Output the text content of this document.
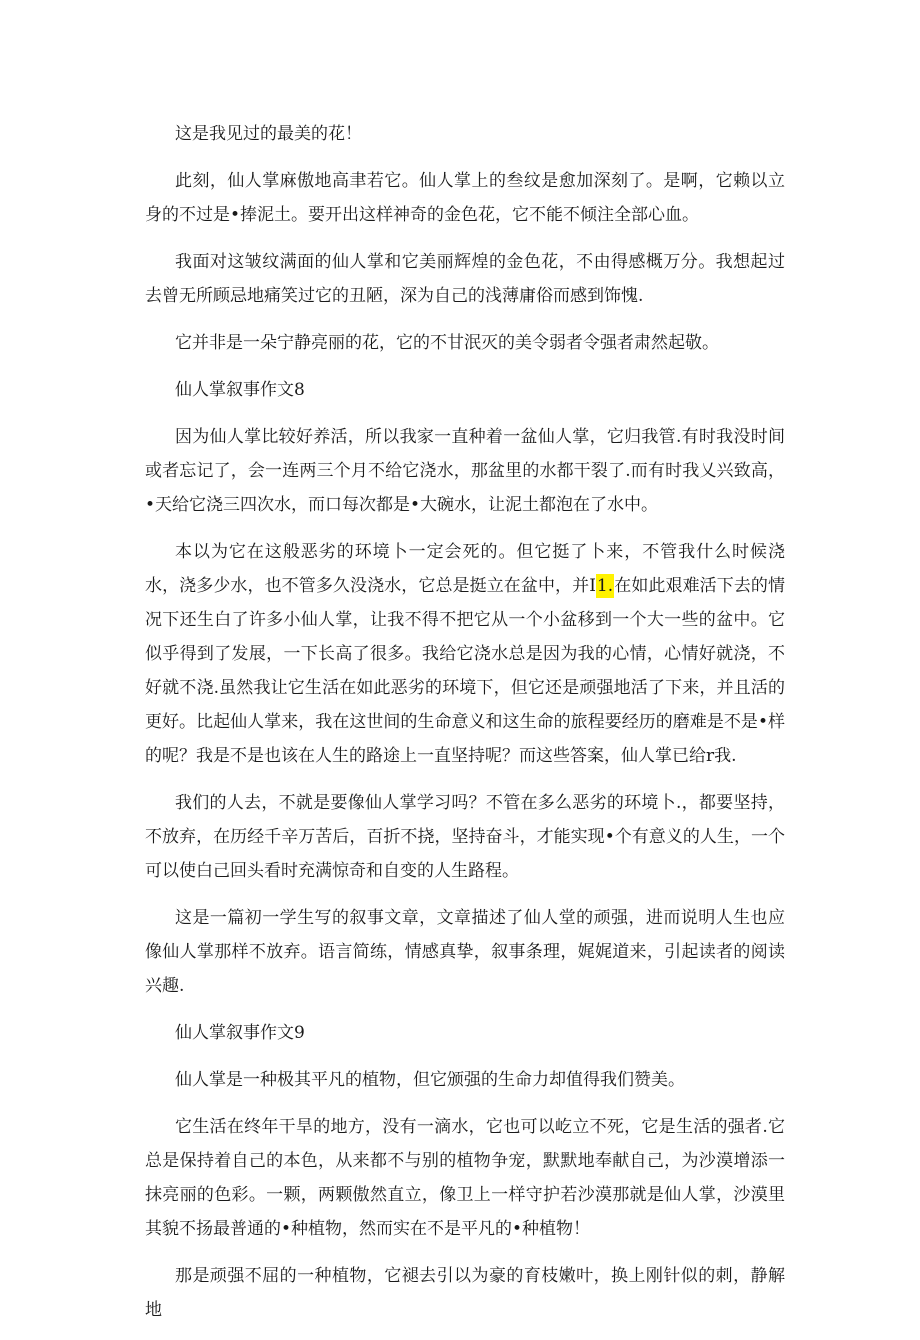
这是我见过的最美的花！

此刻，仙人掌麻傲地高聿若它。仙人掌上的叁纹是愈加深刻了。是啊，它赖以立身的不过是•捧泥土。要开出这样神奇的金色花，它不能不倾注全部心血。

我面对这皱纹满面的仙人掌和它美丽辉煌的金色花，不由得感概万分。我想起过去曾无所顾忌地痛笑过它的丑陋，深为自己的浅薄庸俗而感到饰愧.

它并非是一朵宁静亮丽的花，它的不甘泯灭的美令弱者令强者肃然起敬。

仙人掌叙事作文8

因为仙人掌比较好养活，所以我家一直种着一盆仙人掌，它归我管.有时我没时间或者忘记了，会一连两三个月不给它浇水，那盆里的水都干裂了.而有时我乂兴致高，•天给它浇三四次水，而口每次都是•大碗水，让泥土都泡在了水中。

本以为它在这般恶劣的环境卜一定会死的。但它挺了卜来，不管我什么时候浇水，浇多少水，也不管多久没浇水，它总是挺立在盆中，并I1.在如此艰难活下去的情况下还生白了许多小仙人掌，让我不得不把它从一个小盆移到一个大一些的盆中。它似乎得到了发展，一下长高了很多。我给它浇水总是因为我的心情，心情好就浇，不好就不浇.虽然我让它生活在如此恶劣的环境下，但它还是顽强地活了下来，并且活的更好。比起仙人掌来，我在这世间的生命意义和这生命的旅程要经历的磨难是不是•样的呢？我是不是也该在人生的路途上一直坚持呢？而这些答案，仙人掌已给r我.

我们的人去，不就是要像仙人掌学习吗？不管在多么恶劣的环境卜.，都要坚持，不放弃，在历经千辛万苦后，百折不挠，坚持奋斗，才能实现•个有意义的人生，一个可以使白己回头看时充满惊奇和自变的人生路程。

这是一篇初一学生写的叙事文章，文章描述了仙人堂的顽强，进而说明人生也应像仙人掌那样不放弃。语言简练，情感真挚，叙事条理，娓娓道来，引起读者的阅读兴趣.

仙人掌叙事作文9

仙人掌是一种极其平凡的植物，但它颁强的生命力却值得我们赞美。

它生活在终年干旱的地方，没有一滴水，它也可以屹立不死，它是生活的强者.它总是保持着自己的本色，从来都不与别的植物争宠，默默地奉献自己，为沙漠增添一抹亮丽的色彩。一颗，两颗傲然直立，像卫上一样守护若沙漠那就是仙人掌，沙漠里其貌不扬最普通的•种植物，然而实在不是平凡的•种植物！

那是顽强不屈的一种植物，它褪去引以为豪的育枝嫩叶，换上刚针似的刺，静解地
